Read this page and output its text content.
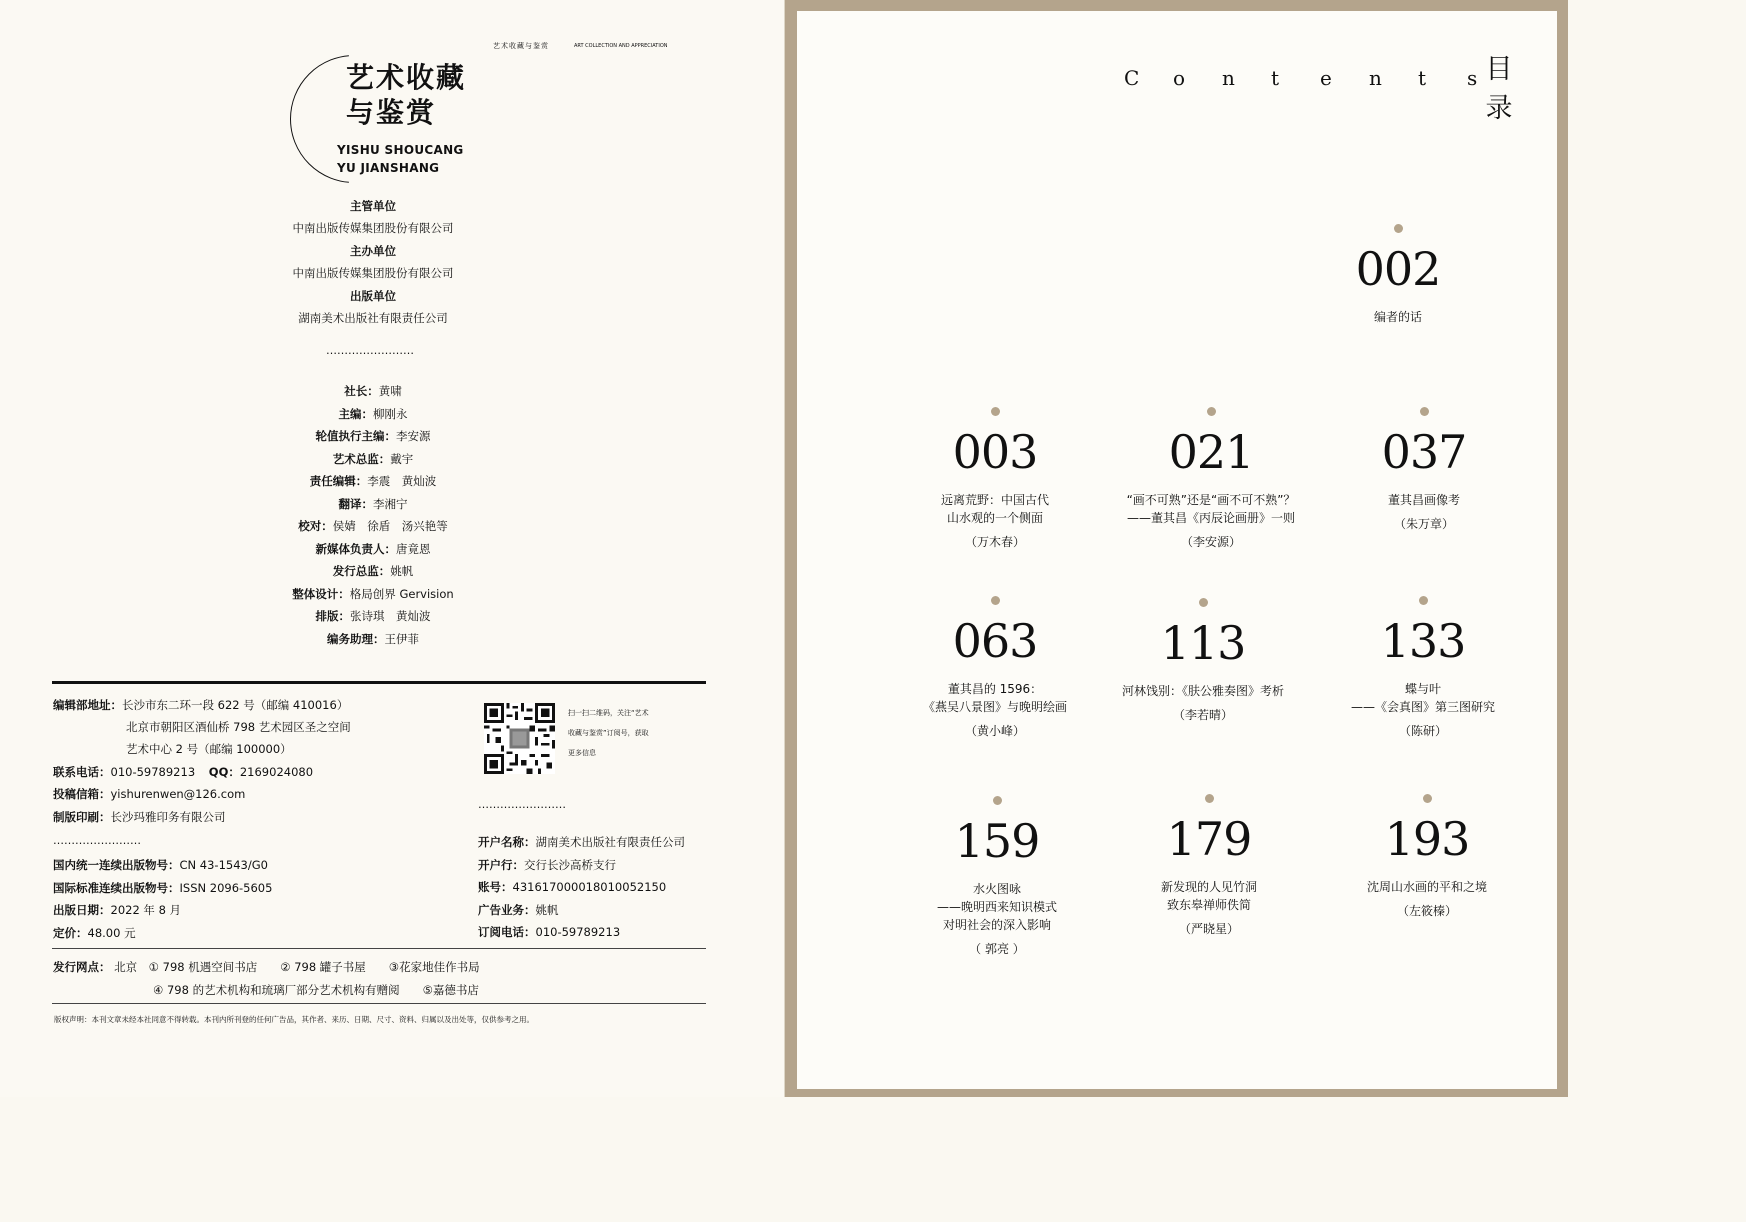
艺术收藏与鉴赏	ART COLLECTION AND APPRECIATION
艺术收藏
与鉴赏
YISHU SHOUCANG
YU JIANSHANG
主管单位
中南出版传媒集团股份有限公司
主办单位
中南出版传媒集团股份有限公司
出版单位
湖南美术出版社有限责任公司
……………………
社长：黄啸
主编：柳刚永
轮值执行主编：李安源
艺术总监：戴宇
责任编辑：李震　黄灿波
翻译：李湘宁
校对：侯婧　徐盾　汤兴艳等
新媒体负责人：唐竟恩
发行总监：姚帆
整体设计：格局创界 Gervision
排版：张诗琪　黄灿波
编务助理：王伊菲
编辑部地址：长沙市东二环一段 622 号（邮编 410016）
北京市朝阳区酒仙桥 798 艺术园区圣之空间
艺术中心 2 号（邮编 100000）
联系电话：010-59789213 QQ：2169024080
投稿信箱：yishurenwen@126.com
制版印刷：长沙玛雅印务有限公司
……………………
国内统一连续出版物号：CN 43-1543/G0
国际标准连续出版物号：ISSN 2096-5605
出版日期：2022 年 8 月
定价：48.00 元
扫一扫二维码，关注“艺术
收藏与鉴赏”订阅号，获取
更多信息
……………………
开户名称：湖南美术出版社有限责任公司
开户行：交行长沙高桥支行
账号：431617000018010052150
广告业务：姚帆
订阅电话：010-59789213
发行网点： 北京　① 798 机遇空间书店　　② 798 罐子书屋　　③花家地佳作书局
④ 798 的艺术机构和琉璃厂部分艺术机构有赠阅　　⑤嘉德书店
版权声明：本刊文章未经本社同意不得转载。本刊内所刊登的任何广告品，其作者、来历、日期、尺寸、资料、归属以及出处等，仅供参考之用。
C o n t e n t s 目
录
002
编者的话
003
远离荒野：中国古代
山水观的一个侧面
（万木春）
021
“画不可熟”还是“画不可不熟”？
——董其昌《丙辰论画册》一则
（李安源）
037
董其昌画像考
（朱万章）
063
董其昌的 1596：
《燕吴八景图》与晚明绘画
（黄小峰）
113
河林饯别：《肤公雅奏图》考析
（李若晴）
133
蝶与叶
——《会真图》第三图研究
（陈研）
159
水火图咏
——晚明西来知识模式
对明社会的深入影响
（ 郭亮 ）
179
新发现的人见竹洞
致东皋禅师佚简
（严晓星）
193
沈周山水画的平和之境
（左筱榛）
